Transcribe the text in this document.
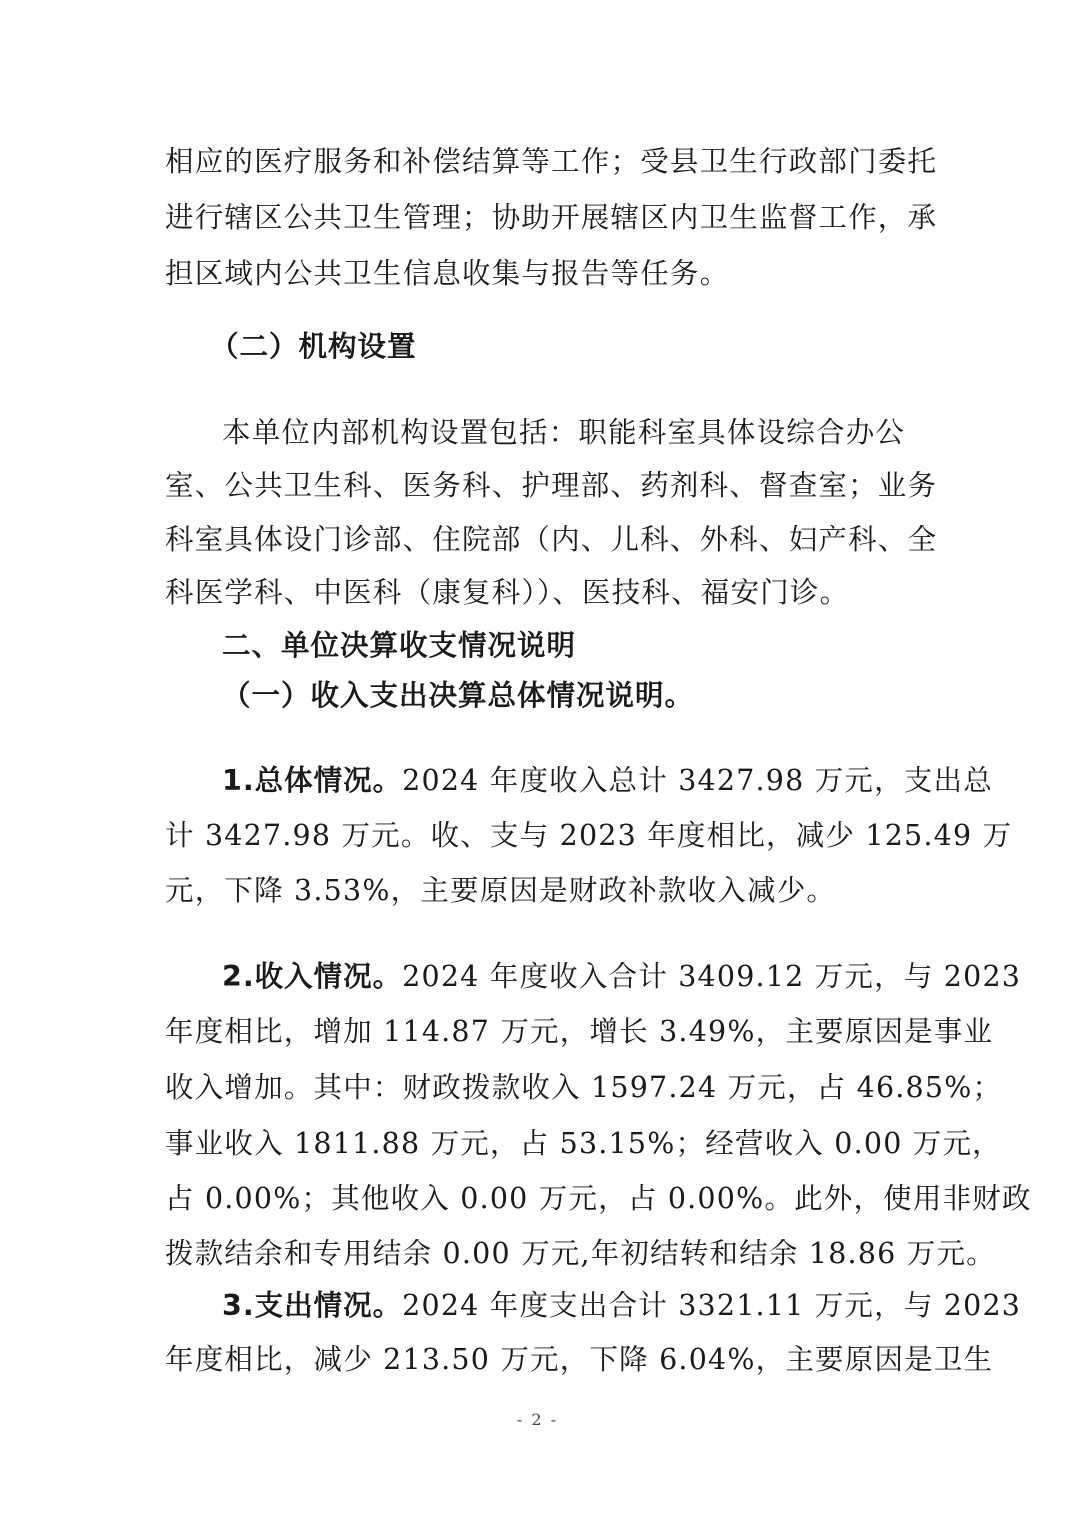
相应的医疗服务和补偿结算等工作；受县卫生行政部门委托
进行辖区公共卫生管理；协助开展辖区内卫生监督工作，承
担区域内公共卫生信息收集与报告等任务。
（二）机构设置
本单位内部机构设置包括：职能科室具体设综合办公
室、公共卫生科、医务科、护理部、药剂科、督查室；业务
科室具体设门诊部、住院部（内、儿科、外科、妇产科、全
科医学科、中医科（康复科））、医技科、福安门诊。
二、单位决算收支情况说明
（一）收入支出决算总体情况说明。
1.总体情况。2024 年度收入总计 3427.98 万元，支出总
计 3427.98 万元。收、支与 2023 年度相比，减少 125.49 万
元，下降 3.53%，主要原因是财政补款收入减少。
2.收入情况。2024 年度收入合计 3409.12 万元，与 2023
年度相比，增加 114.87 万元，增长 3.49%，主要原因是事业
收入增加。其中：财政拨款收入 1597.24 万元，占 46.85%；
事业收入 1811.88 万元，占 53.15%；经营收入 0.00 万元，
占 0.00%；其他收入 0.00 万元，占 0.00%。此外，使用非财政
拨款结余和专用结余 0.00 万元,年初结转和结余 18.86 万元。
3.支出情况。2024 年度支出合计 3321.11 万元，与 2023
年度相比，减少 213.50 万元，下降 6.04%，主要原因是卫生
- 2 -
